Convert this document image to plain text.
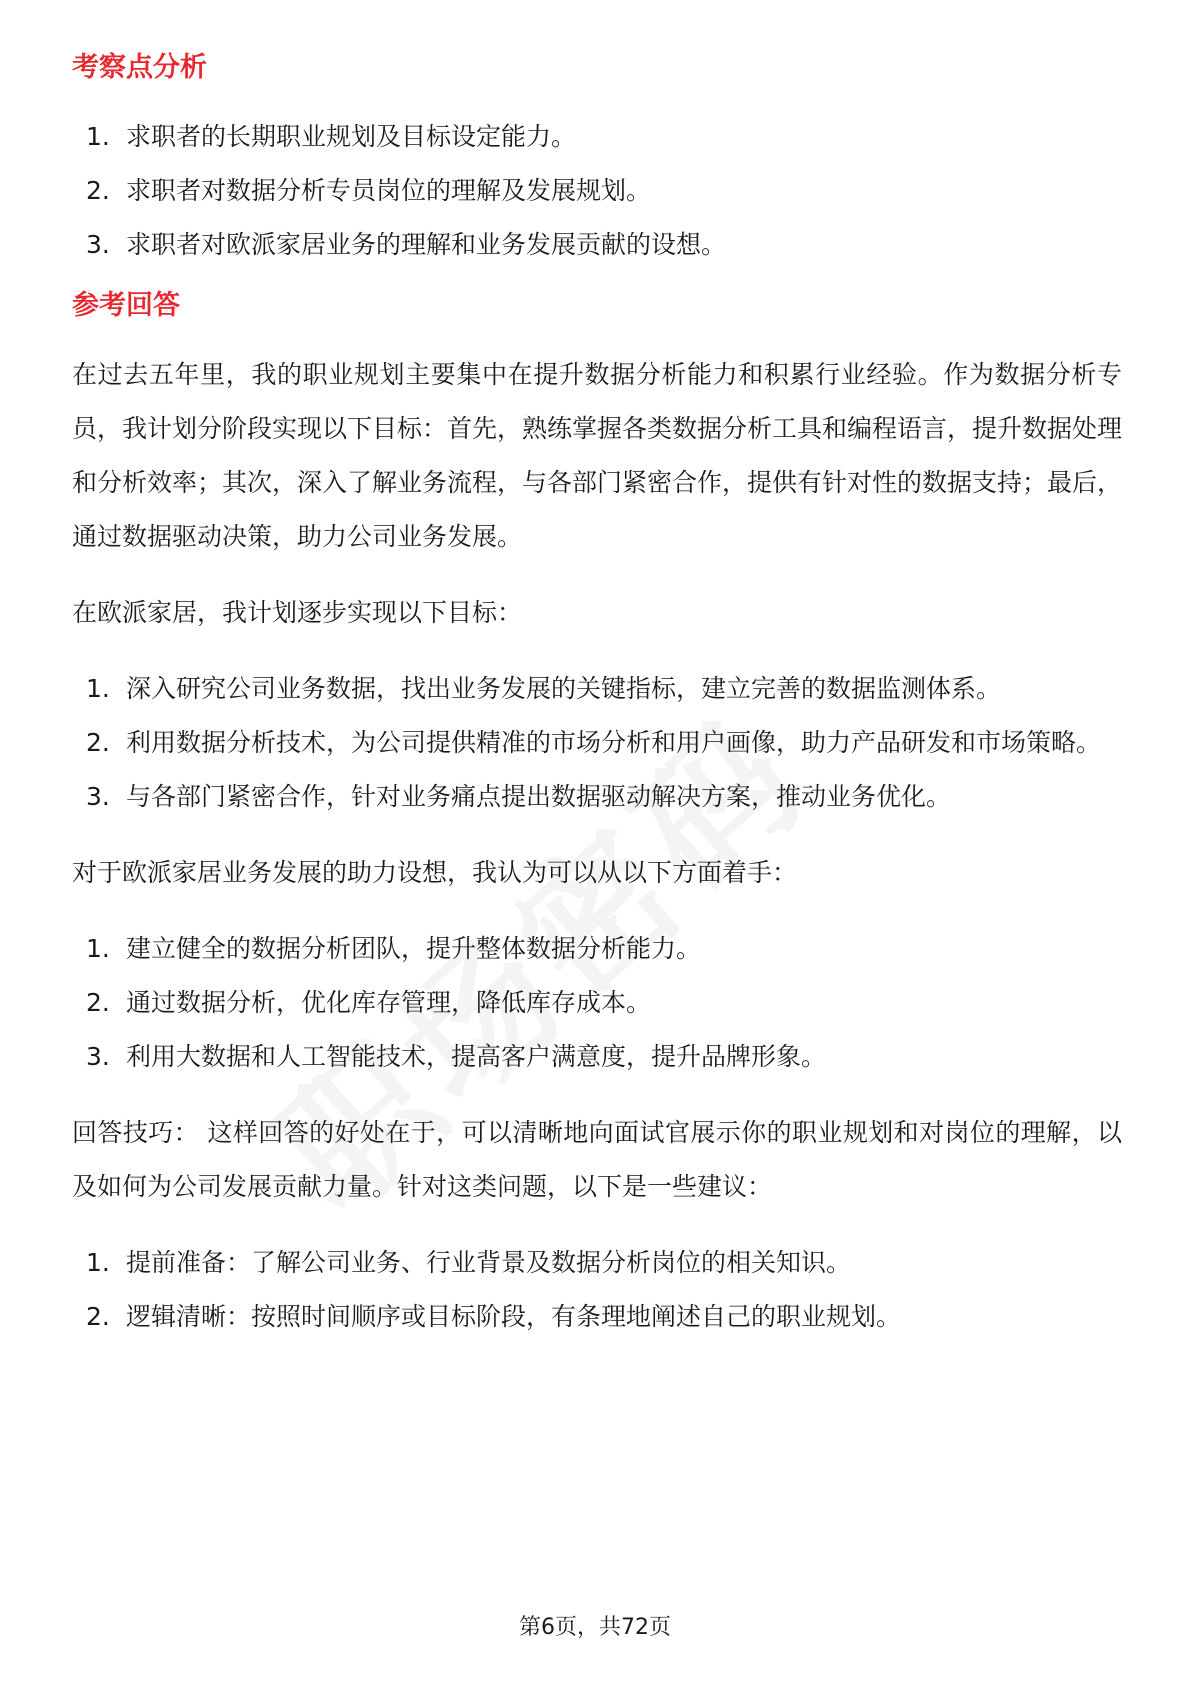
考察点分析
1. 求职者的长期职业规划及目标设定能力。
2. 求职者对数据分析专员岗位的理解及发展规划。
3. 求职者对欧派家居业务的理解和业务发展贡献的设想。
参考回答

在过去五年里，我的职业规划主要集中在提升数据分析能力和积累行业经验。作为数据分析专员，我计划分阶段实现以下目标：首先，熟练掌握各类数据分析工具和编程语言，提升数据处理和分析效率；其次，深入了解业务流程，与各部门紧密合作，提供有针对性的数据支持；最后，通过数据驱动决策，助力公司业务发展。

在欧派家居，我计划逐步实现以下目标：

1. 深入研究公司业务数据，找出业务发展的关键指标，建立完善的数据监测体系。
2. 利用数据分析技术，为公司提供精准的市场分析和用户画像，助力产品研发和市场策略。
3. 与各部门紧密合作，针对业务痛点提出数据驱动解决方案，推动业务优化。

对于欧派家居业务发展的助力设想，我认为可以从以下方面着手：

1. 建立健全的数据分析团队，提升整体数据分析能力。
2. 通过数据分析，优化库存管理，降低库存成本。
3. 利用大数据和人工智能技术，提高客户满意度，提升品牌形象。

回答技巧： 这样回答的好处在于，可以清晰地向面试官展示你的职业规划和对岗位的理解，以及如何为公司发展贡献力量。针对这类问题，以下是一些建议：

1. 提前准备：了解公司业务、行业背景及数据分析岗位的相关知识。
2. 逻辑清晰：按照时间顺序或目标阶段，有条理地阐述自己的职业规划。
第6页，共72页
